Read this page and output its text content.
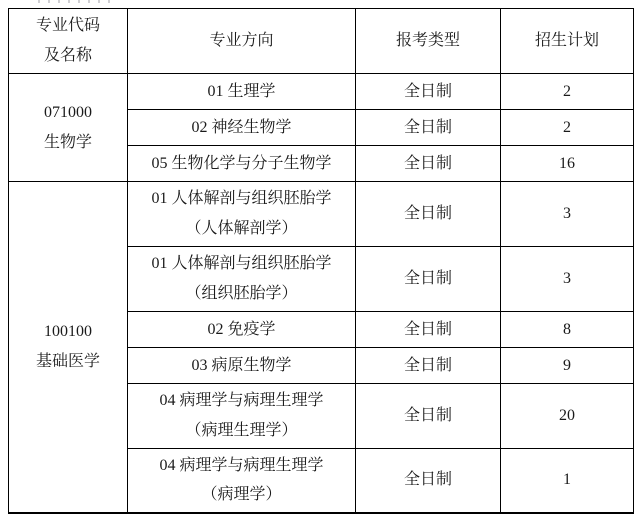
专业代码
及名称	专业方向	报考类型	招生计划

071000
生物学	01 生理学	全日制	2
	02 神经生物学	全日制	2
	05 生物化学与分子生物学	全日制	16

100100
基础医学	01 人体解剖与组织胚胎学
（人体解剖学）	全日制	3

	01 人体解剖与组织胚胎学
（组织胚胎学）	全日制	3
	02 免疫学	全日制	8
	03 病原生物学	全日制	9

	04 病理学与病理生理学
（病理生理学）	全日制	20

	04 病理学与病理生理学
（病理学）	全日制	1
